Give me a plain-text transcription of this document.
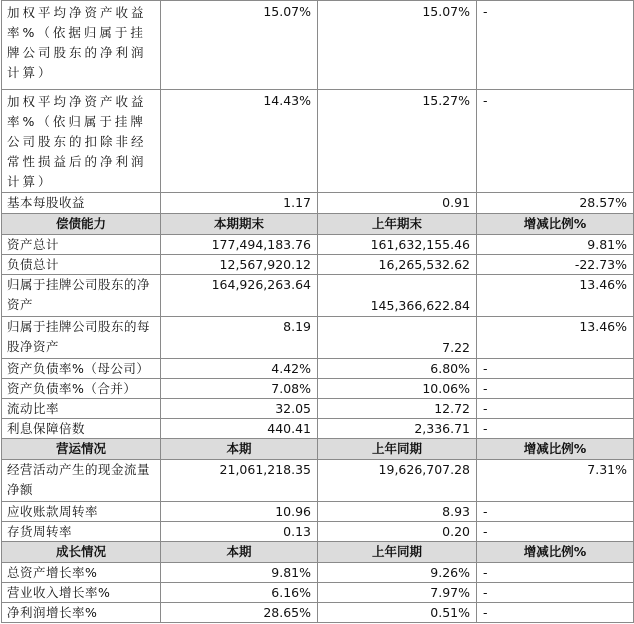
加权平均净资产收益率%（依据归属于挂牌公司股东的净利润计算）	15.07%	15.07%	-
加权平均净资产收益率%（依归属于挂牌公司股东的扣除非经常性损益后的净利润计算）	14.43%	15.27%	-
基本每股收益	1.17	0.91	28.57%
偿债能力	本期期末	上年期末	增减比例%
资产总计	177,494,183.76	161,632,155.46	9.81%
负债总计	12,567,920.12	16,265,532.62	-22.73%
归属于挂牌公司股东的净资产	164,926,263.64	145,366,622.84	13.46%
归属于挂牌公司股东的每股净资产	8.19	7.22	13.46%
资产负债率%（母公司）	4.42%	6.80%	-
资产负债率%（合并）	7.08%	10.06%	-
流动比率	32.05	12.72	-
利息保障倍数	440.41	2,336.71	-
营运情况	本期	上年同期	增减比例%
经营活动产生的现金流量净额	21,061,218.35	19,626,707.28	7.31%
应收账款周转率	10.96	8.93	-
存货周转率	0.13	0.20	-
成长情况	本期	上年同期	增减比例%
总资产增长率%	9.81%	9.26%	-
营业收入增长率%	6.16%	7.97%	-
净利润增长率%	28.65%	0.51%	-
